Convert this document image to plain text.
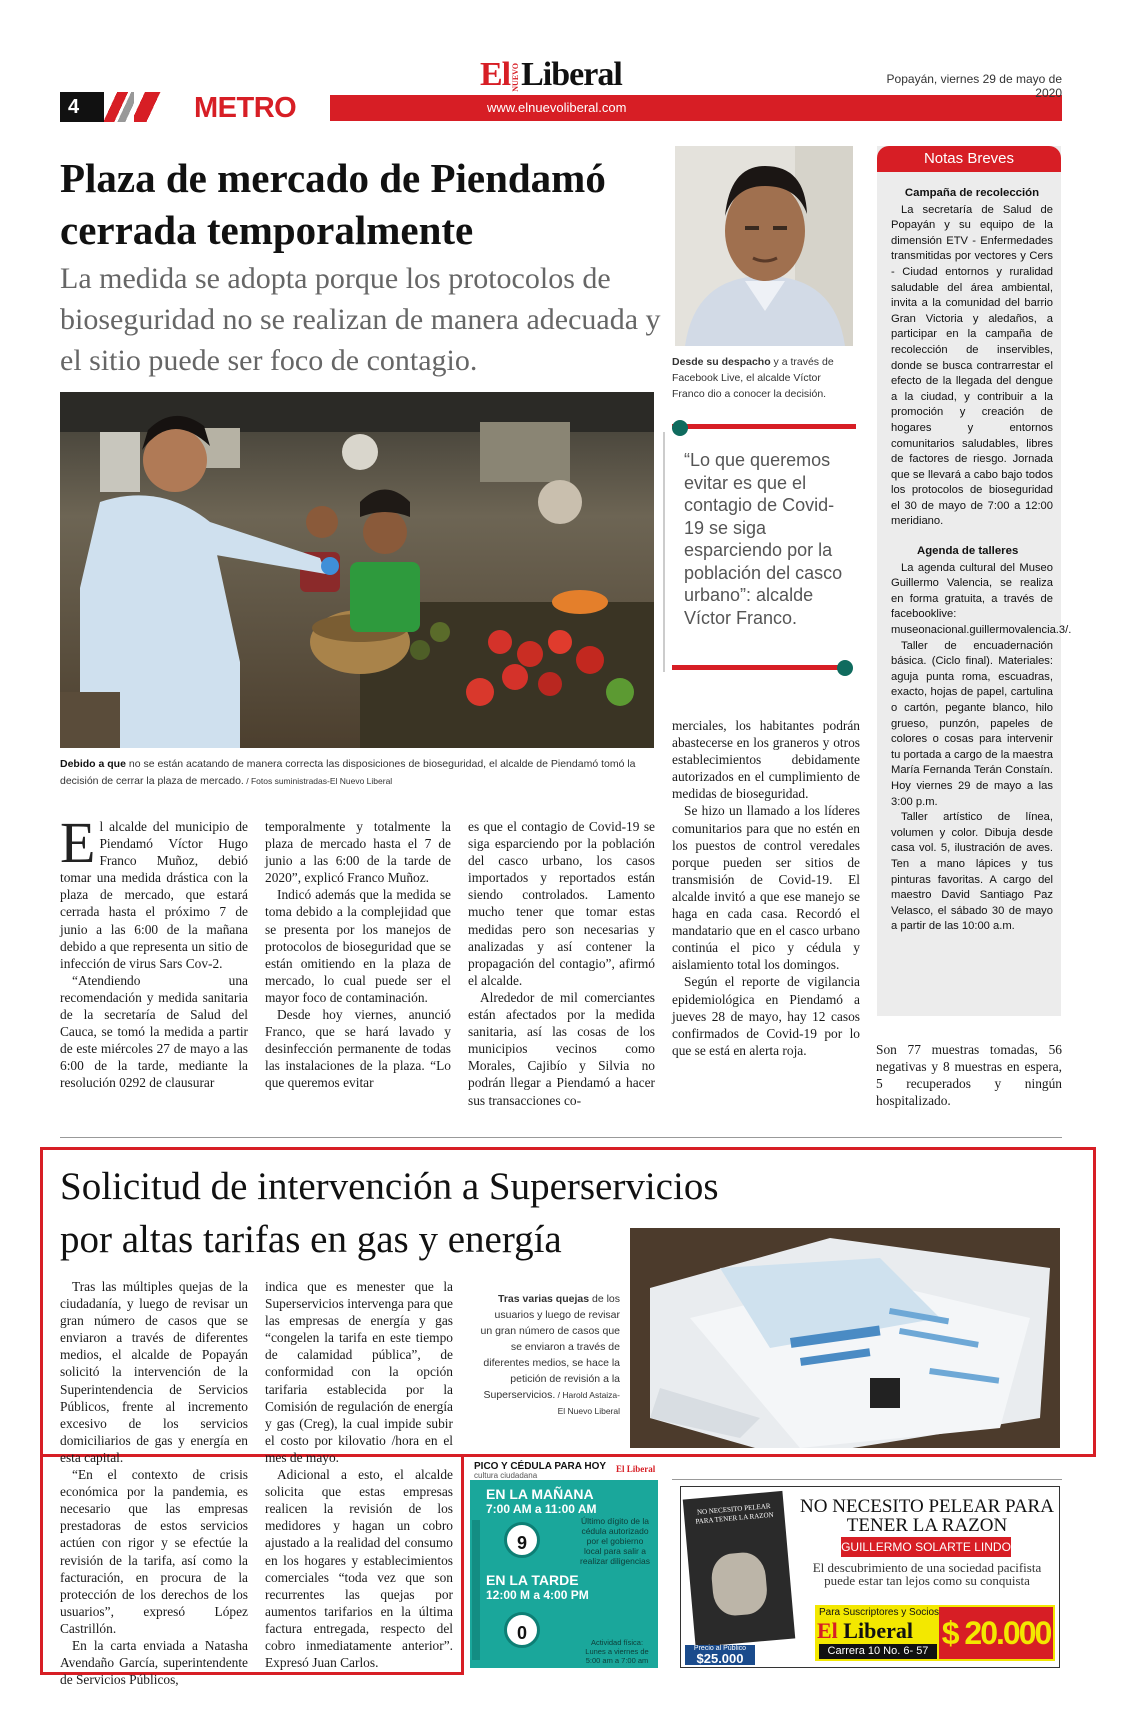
4	METRO
ElNUEVOLiberal
www.elnuevoliberal.com
Popayán, viernes 29 de mayo de 2020
Plaza de mercado de Piendamó cerrada temporalmente
La medida se adopta porque los protocolos de bioseguridad no se realizan de manera adecuada y el sitio puede ser foco de contagio.
Debido a que no se están acatando de manera correcta las disposiciones de bioseguridad, el alcalde de Piendamó tomó la decisión de cerrar la plaza de mercado. / Fotos suministradas-El Nuevo Liberal

El alcalde del municipio de Piendamó Víctor Hugo Franco Muñoz, debió tomar una medida drástica con la plaza de mercado, que estará cerrada hasta el próximo 7 de junio a las 6:00 de la mañana debido a que representa un sitio de infección de virus Sars Cov-2.

“Atendiendo una recomendación y medida sanitaria de la secretaría de Salud del Cauca, se tomó la medida a partir de este miércoles 27 de mayo a las 6:00 de la tarde, mediante la resolución 0292 de clausurar

temporalmente y totalmente la plaza de mercado hasta el 7 de junio a las 6:00 de la tarde de 2020”, explicó Franco Muñoz.

Indicó además que la medida se toma debido a la complejidad que se presenta por los manejos de protocolos de bioseguridad que se están omitiendo en la plaza de mercado, lo cual puede ser el mayor foco de contaminación.

Desde hoy viernes, anunció Franco, que se hará lavado y desinfección permanente de todas las instalaciones de la plaza. “Lo que queremos evitar

es que el contagio de Covid-19 se siga esparciendo por la población del casco urbano, los casos importados y reportados están siendo controlados. Lamento mucho tener que tomar estas medidas pero son necesarias y analizadas y así contener la propagación del contagio”, afirmó el alcalde.

Alrededor de mil comerciantes están afectados por la medida sanitaria, así las cosas de los municipios vecinos como Morales, Cajibío y Silvia no podrán llegar a Piendamó a hacer sus transacciones co-

merciales, los habitantes podrán abastecerse en los graneros y otros establecimientos debidamente autorizados en el cumplimiento de medidas de bioseguridad.

Se hizo un llamado a los líderes comunitarios para que no estén en los puestos de control veredales porque pueden ser sitios de transmisión de Covid-19. El alcalde invitó a que ese manejo se haga en cada casa. Recordó el mandatario que en el casco urbano continúa el pico y cédula y aislamiento total los domingos.

Según el reporte de vigilancia epidemiológica en Piendamó a jueves 28 de mayo, hay 12 casos confirmados de Covid-19 por lo que se está en alerta roja.

Desde su despacho y a través de Facebook Live, el alcalde Víctor Franco dio a conocer la decisión.
“Lo que queremos evitar es que el contagio de Covid-19 se siga esparciendo por la población del casco urbano”: alcalde Víctor Franco.
Notas Breves
Campaña de recolección

La secretaría de Salud de Popayán y su equipo de la dimensión ETV - Enfermedades transmitidas por vectores y Cers - Ciudad entornos y ruralidad saludable del área ambiental, invita a la comunidad del barrio Gran Victoria y aledaños, a participar en la campaña de recolección de inservibles, donde se busca contrarrestar el efecto de la llegada del dengue a la ciudad, y contribuir a la promoción y creación de hogares y entornos comunitarios saludables, libres de factores de riesgo. Jornada que se llevará a cabo bajo todos los protocolos de bioseguridad el 30 de mayo de 7:00 a 12:00 meridiano.

Agenda de talleres

La agenda cultural del Museo Guillermo Valencia, se realiza en forma gratuita, a través de facebooklive: museonacional.guillermovalencia.3/.

Taller de encuadernación básica. (Ciclo final). Materiales: aguja punta roma, escuadras, exacto, hojas de papel, cartulina o cartón, pegante blanco, hilo grueso, punzón, papeles de colores o cosas para intervenir tu portada a cargo de la maestra María Fernanda Terán Constaín. Hoy viernes 29 de mayo a las 3:00 p.m.

Taller artístico de línea, volumen y color. Dibuja desde casa vol. 5, ilustración de aves. Ten a mano lápices y tus pinturas favoritas. A cargo del maestro David Santiago Paz Velasco, el sábado 30 de mayo a partir de las 10:00 a.m.

Son 77 muestras tomadas, 56 negativas y 8 muestras en espera, 5 recuperados y ningún hospitalizado.
Solicitud de intervención a Superservicios por altas tarifas en gas y energía

Tras las múltiples quejas de la ciudadanía, y luego de revisar un gran número de casos que se enviaron a través de diferentes medios, el alcalde de Popayán solicitó la intervención de la Superintendencia de Servicios Públicos, frente al incremento excesivo de los servicios domiciliarios de gas y energía en esta capital.

“En el contexto de crisis económica por la pandemia, es necesario que las empresas prestadoras de estos servicios actúen con rigor y se efectúe la revisión de la tarifa, así como la facturación, en procura de la protección de los derechos de los usuarios”, expresó López Castrillón.

En la carta enviada a Natasha Avendaño García, superintendente de Servicios Públicos,

indica que es menester que la Superservicios intervenga para que las empresas de energía y gas “congelen la tarifa en este tiempo de calamidad pública”, de conformidad con la opción tarifaria establecida por la Comisión de regulación de energía y gas (Creg), la cual impide subir el costo por kilovatio /hora en el mes de mayo.

Adicional a esto, el alcalde solicita que estas empresas realicen la revisión de los medidores y hagan un cobro ajustado a la realidad del consumo en los hogares y establecimientos comerciales “toda vez que son recurrentes las quejas por aumentos tarifarios en la última factura entregada, respecto del cobro inmediatamente anterior”. Expresó Juan Carlos.

Tras varias quejas de los usuarios y luego de revisar un gran número de casos que se enviaron a través de diferentes medios, se hace la petición de revisión a la Superservicios. / Harold Astaiza-El Nuevo Liberal
PICO Y CÉDULA PARA HOY
cultura ciudadana
El Liberal
EN LA MAÑANA
7:00 AM a 11:00 AM
9
EN LA TARDE
12:00 M a 4:00 PM
0
Último dígito de la cédula autorizado por el gobierno local para salir a realizar diligencias
Actividad física: Lunes a viernes de 5:00 am a 7:00 am
NO NECESITO PELEAR PARA TENER LA RAZON
Precio al Público
$25.000
NO NECESITO PELEAR PARA TENER LA RAZON
GUILLERMO SOLARTE LINDO
El descubrimiento de una sociedad pacifista puede estar tan lejos como su conquista
Para Suscriptores y Socios
El Liberal
Carrera 10 No. 6- 57 $ 20.000
